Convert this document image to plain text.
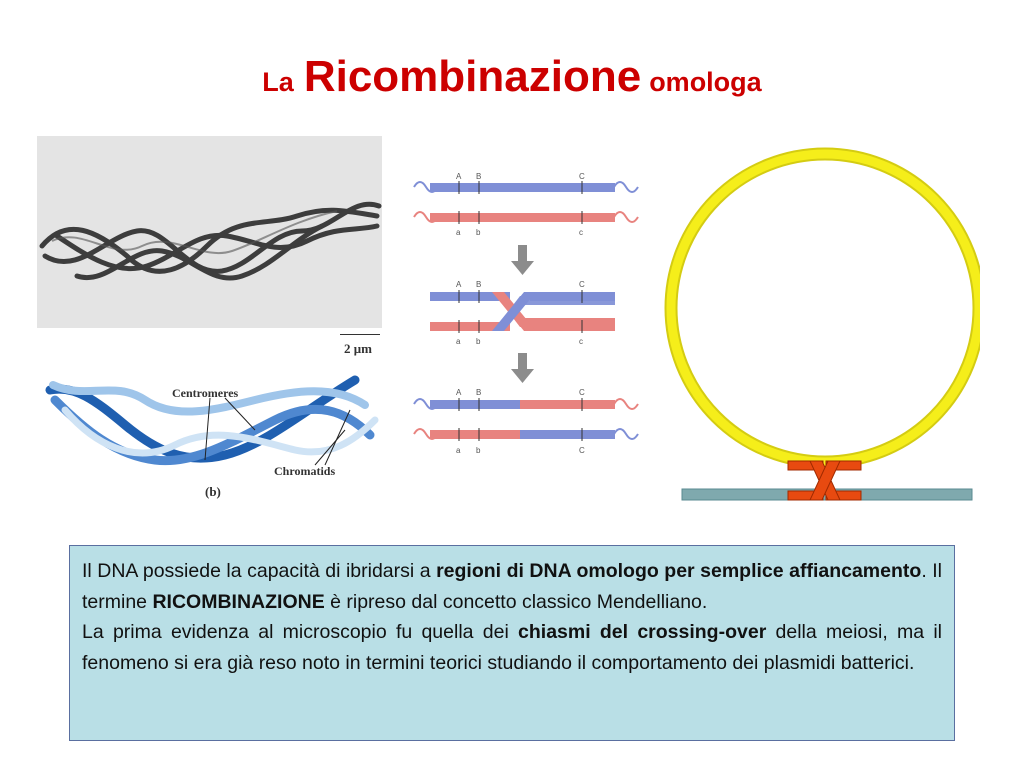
La Ricombinazione omologa
2 μm
Centromeres
Chromatids
(b)
A B	C
a b	c
A B	C
a b	c
A B	C
a b	C

Il DNA possiede la capacità di ibridarsi a regioni di DNA omologo per semplice affiancamento. Il termine RICOMBINAZIONE è ripreso dal concetto classico Mendelliano.

La prima evidenza al microscopio fu quella dei chiasmi del crossing-over della meiosi, ma il fenomeno si era già reso noto in termini teorici studiando il comportamento dei plasmidi batterici.
